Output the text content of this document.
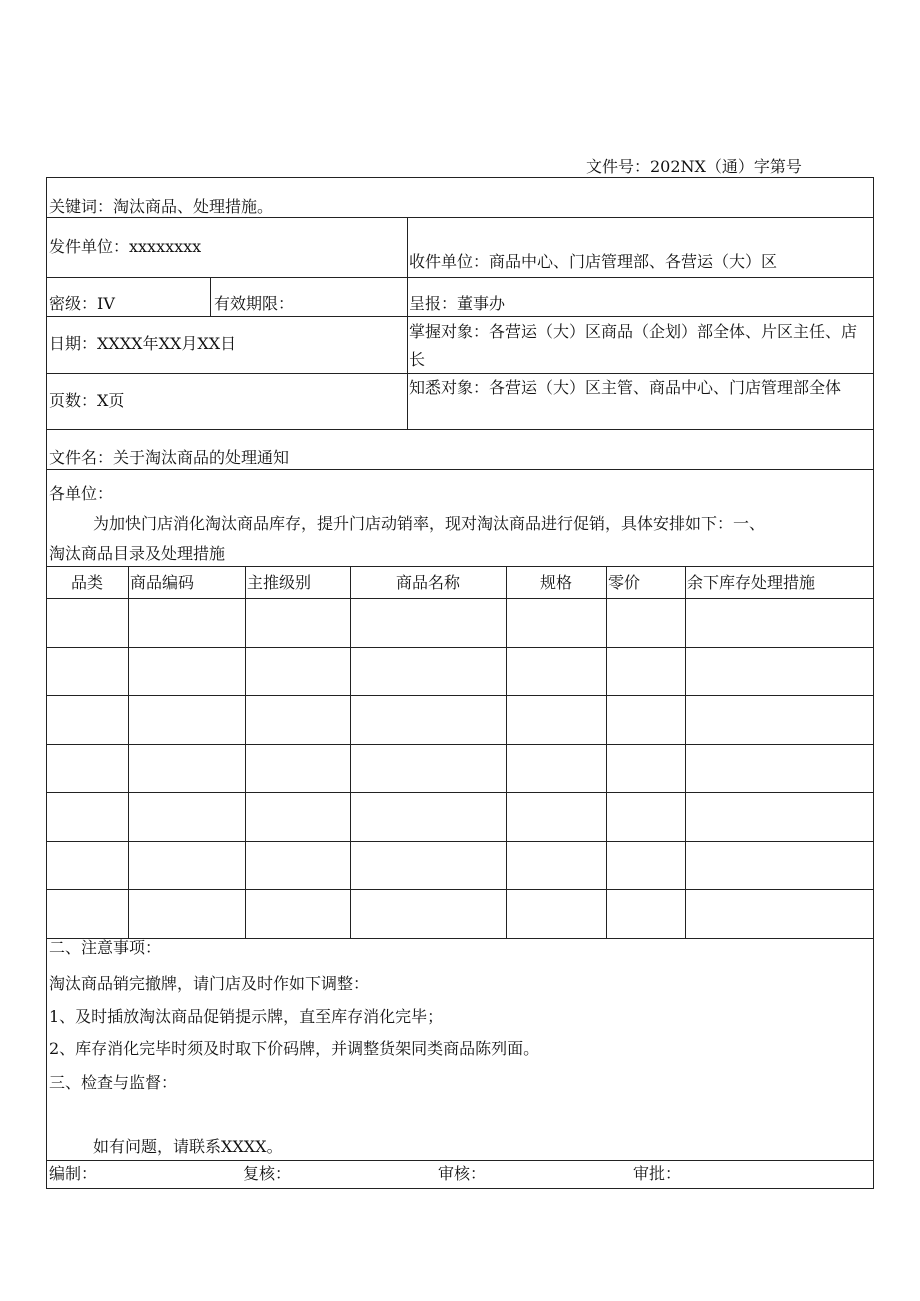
文件号：202NX（通）字第号
关键词：淘汰商品、处理措施。
发件单位：xxxxxxxx
收件单位：商品中心、门店管理部、各营运（大）区
密级：IV	有效期限：	呈报：董事办
日期：XXXX年XX月XX日
掌握对象：各营运（大）区商品（企划）部全体、片区主任、店长
页数：X页
知悉对象：各营运（大）区主管、商品中心、门店管理部全体
文件名：关于淘汰商品的处理通知
各单位：
为加快门店消化淘汰商品库存，提升门店动销率，现对淘汰商品进行促销，具体安排如下：一、
淘汰商品目录及处理措施
品类	商品编码	主推级别	商品名称	规格	零价	余下库存处理措施
二、注意事项：
淘汰商品销完撤牌，请门店及时作如下调整：
1、及时插放淘汰商品促销提示牌，直至库存消化完毕；
2、库存消化完毕时须及时取下价码牌，并调整货架同类商品陈列面。
三、检查与监督：
如有问题，请联系XXXX。
编制：	复核：	审核：	审批：
